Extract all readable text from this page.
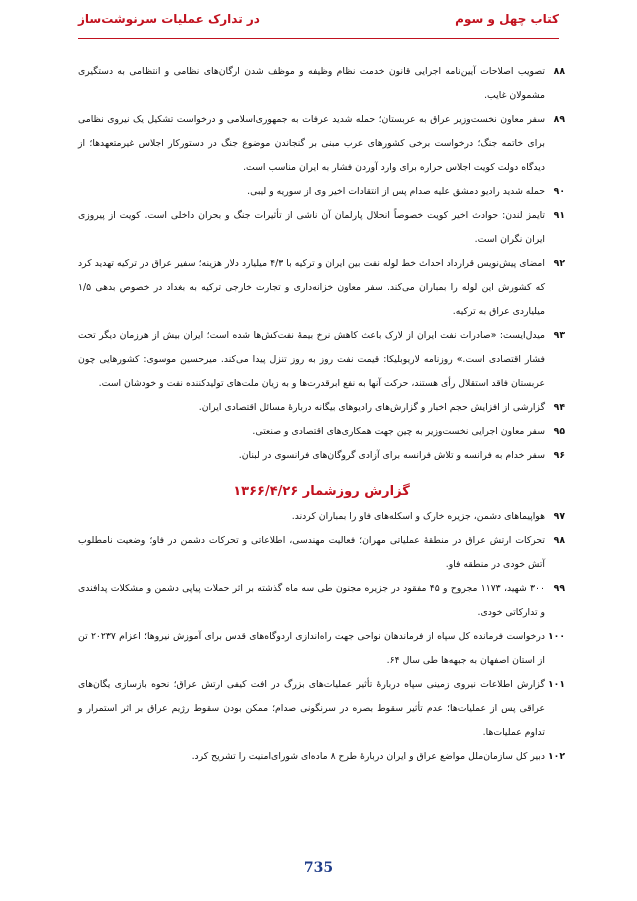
کتاب چهل و سوم
در تدارک عملیات سرنوشت‌ساز
۸۸
تصویب اصلاحات آیین‌نامه اجرایی قانون خدمت نظام وظیفه و موظف شدن ارگان‌های نظامی و انتظامی به دستگیری مشمولان غایب.
۸۹
سفر معاون نخست‌وزیر عراق به عربستان؛ حمله شدید عرفات به جمهوری‌اسلامی و درخواست تشکیل یک نیروی نظامی برای خاتمه جنگ؛ درخواست برخی کشورهای عرب مبنی بر گنجاندن موضوع جنگ در دستورکار اجلاس غیرمتعهدها؛ از دیدگاه دولت کویت اجلاس حراره برای وارد آوردن فشار به ایران مناسب است.
۹۰
حمله شدید رادیو دمشق علیه صدام پس از انتقادات اخیر وی از سوریه و لیبی.
۹۱
تایمز لندن: حوادث اخیر کویت خصوصاً انحلال پارلمان آن ناشی از تأثیرات جنگ و بحران داخلی است. کویت از پیروزی ایران نگران است.
۹۲
امضای پیش‌نویس قرارداد احداث خط لوله نفت بین ایران و ترکیه با ۴/۳ میلیارد دلار هزینه؛ سفیر عراق در ترکیه تهدید کرد که کشورش این لوله را بمباران می‌کند. سفر معاون خزانه‌داری و تجارت خارجی ترکیه به بغداد در خصوص بدهی ۱/۵ میلیاردی عراق به ترکیه.
۹۳
میدل‌ایست: «صادرات نفت ایران از لارک باعث کاهش نرخ بیمهٔ نفت‌کش‌ها شده است؛ ایران بیش از هرزمان دیگر تحت فشار اقتصادی است.» روزنامه لاریوبلیکا: قیمت نفت روز به روز تنزل پیدا می‌کند. میرحسین موسوی: کشورهایی چون عربستان فاقد استقلال رأی هستند، حرکت آنها به نفع ابرقدرت‌ها و به زیان ملت‌های تولیدکننده نفت و خودشان است.
۹۴
گزارشی از افزایش حجم اخبار و گزارش‌های رادیوهای بیگانه دربارهٔ مسائل اقتصادی ایران.
۹۵
سفر معاون اجرایی نخست‌وزیر به چین جهت همکاری‌های اقتصادی و صنعتی.
۹۶
سفر خدام به فرانسه و تلاش فرانسه برای آزادی گروگان‌های فرانسوی در لبنان.
گزارش روزشمار ۱۳۶۶/۴/۲۶
۹۷
هواپیماهای دشمن، جزیره خارک و اسکله‌های فاو را بمباران کردند.
۹۸
تحرکات ارتش عراق در منطقهٔ عملیاتی مهران؛ فعالیت مهندسی، اطلاعاتی و تحرکات دشمن در فاو؛ وضعیت نامطلوب آتش خودی در منطقه فاو.
۹۹
۳۰۰ شهید، ۱۱۷۳ مجروح و ۴۵ مفقود در جزیره مجنون طی سه ماه گذشته بر اثر حملات پیاپی دشمن و مشکلات پدافندی و تدارکاتی خودی.
۱۰۰
درخواست فرمانده کل سپاه از فرماندهان نواحی جهت راه‌اندازی اردوگاه‌های قدس برای آموزش نیروها؛ اعزام ۲۰۲۳۷ تن از استان اصفهان به جبهه‌ها طی سال ۶۴.
۱۰۱
گزارش اطلاعات نیروی زمینی سپاه دربارهٔ تأثیر عملیات‌های بزرگ در افت کیفی ارتش عراق؛ نحوه بازسازی یگان‌های عراقی پس از عملیات‌ها؛ عدم تأثیر سقوط بصره در سرنگونی صدام؛ ممکن بودن سقوط رژیم عراق بر اثر استمرار و تداوم عملیات‌ها.
۱۰۲
دبیر کل سازمان‌ملل مواضع عراق و ایران دربارهٔ طرح ۸ ماده‌ای شورای‌امنیت را تشریح کرد.
735
